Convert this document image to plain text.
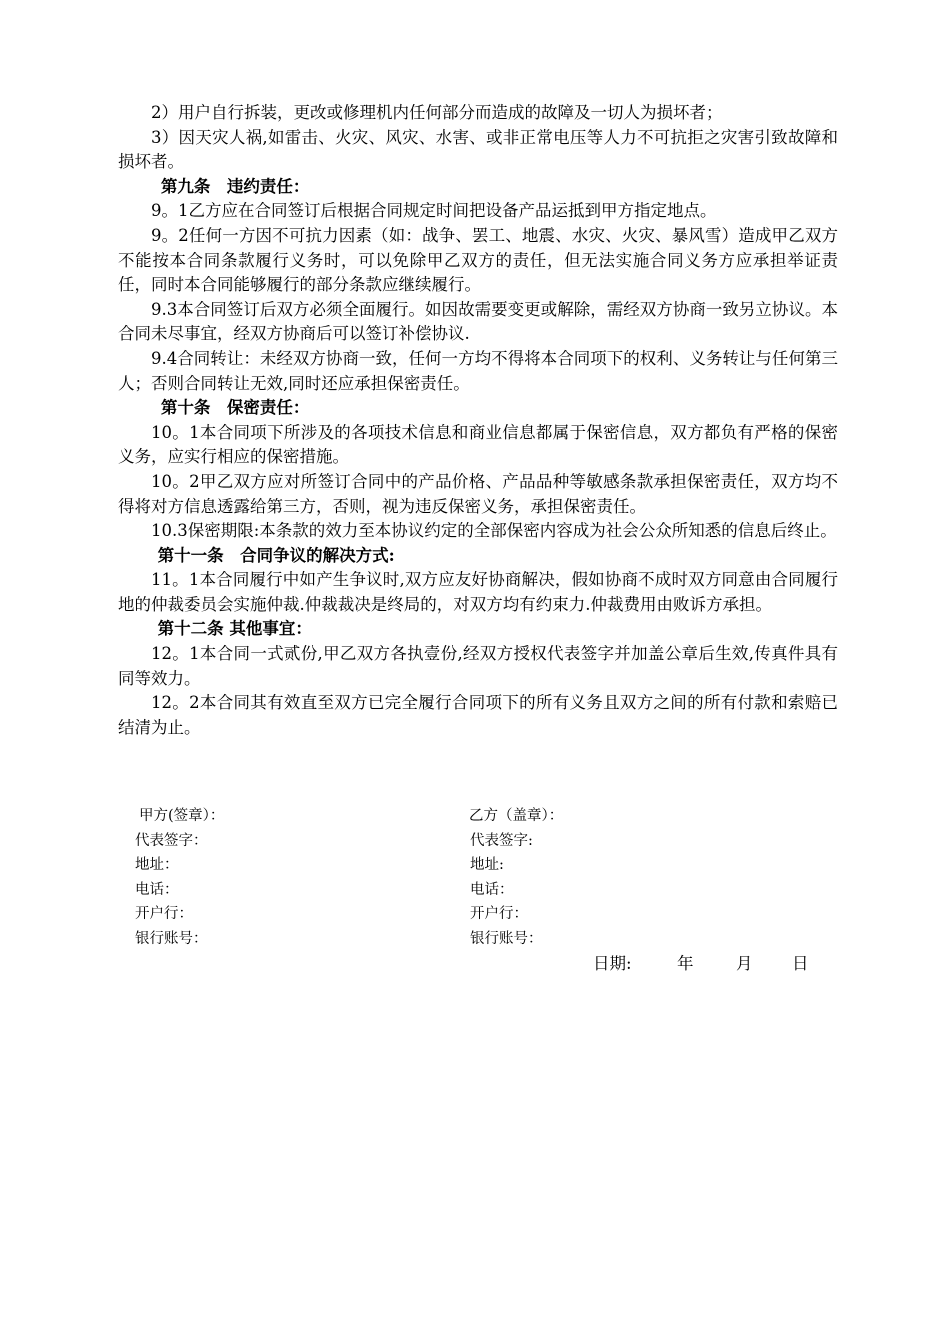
2）用户自行拆装，更改或修理机内任何部分而造成的故障及一切人为损坏者；

3）因天灾人祸,如雷击、火灾、风灾、水害、或非正常电压等人力不可抗拒之灾害引致故障和损坏者。

第九条　违约责任：

9。1乙方应在合同签订后根据合同规定时间把设备产品运抵到甲方指定地点。

9。2任何一方因不可抗力因素（如：战争、罢工、地震、水灾、火灾、暴风雪）造成甲乙双方不能按本合同条款履行义务时，可以免除甲乙双方的责任，但无法实施合同义务方应承担举证责任，同时本合同能够履行的部分条款应继续履行。

9.3本合同签订后双方必须全面履行。如因故需要变更或解除，需经双方协商一致另立协议。本合同未尽事宜，经双方协商后可以签订补偿协议.

9.4合同转让：未经双方协商一致，任何一方均不得将本合同项下的权利、义务转让与任何第三人；否则合同转让无效,同时还应承担保密责任。

第十条　保密责任：

10。1本合同项下所涉及的各项技术信息和商业信息都属于保密信息，双方都负有严格的保密义务，应实行相应的保密措施。

10。2甲乙双方应对所签订合同中的产品价格、产品品种等敏感条款承担保密责任，双方均不得将对方信息透露给第三方，否则，视为违反保密义务，承担保密责任。

10.3保密期限:本条款的效力至本协议约定的全部保密内容成为社会公众所知悉的信息后终止。

第十一条　合同争议的解决方式:

11。1本合同履行中如产生争议时,双方应友好协商解决，假如协商不成时双方同意由合同履行地的仲裁委员会实施仲裁.仲裁裁决是终局的，对双方均有约束力.仲裁费用由败诉方承担。

第十二条 其他事宜：

12。1本合同一式贰份,甲乙双方各执壹份,经双方授权代表签字并加盖公章后生效,传真件具有同等效力。

12。2本合同其有效直至双方已完全履行合同项下的所有义务且双方之间的所有付款和索赔已结清为止。

甲方(签章）：	乙方（盖章）：
代表签字：	代表签字:
地址：	地址:
电话：	电话：
开户行：	开户行：
银行账号：	银行账号：
日期:	年	月 日
